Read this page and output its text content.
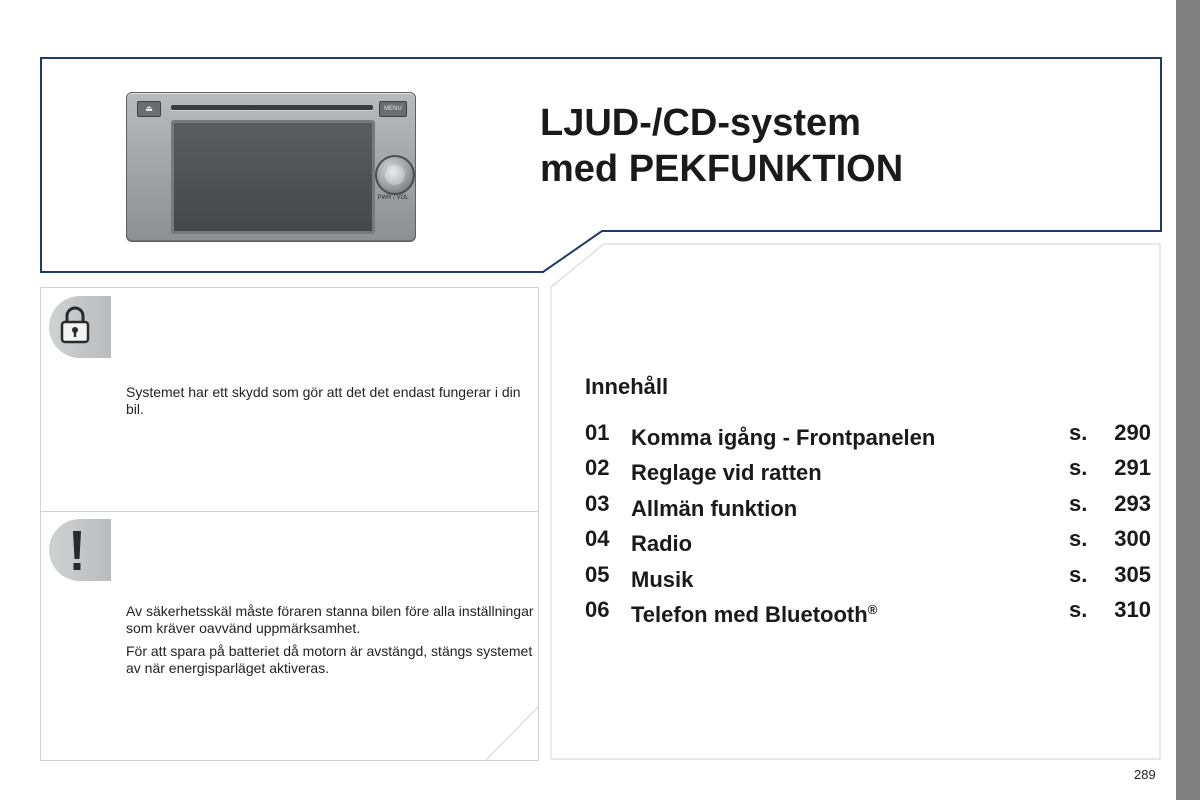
⏏	MENU
PWR / VOL
LJUD-/CD-system
med PEKFUNKTION

Systemet har ett skydd som gör att det det endast fungerar i din bil.

Av säkerhetsskäl måste föraren stanna bilen före alla inställningar som kräver oavvänd uppmärksamhet.

För att spara på batteriet då motorn är avstängd, stängs systemet av när energisparläget aktiveras.

Innehåll
01 Komma igång - Frontpanelen	s. 290
02 Reglage vid ratten	s. 291
03 Allmän funktion	s. 293
04 Radio	s. 300
05 Musik	s. 305
06 Telefon med Bluetooth®	s. 310
289
